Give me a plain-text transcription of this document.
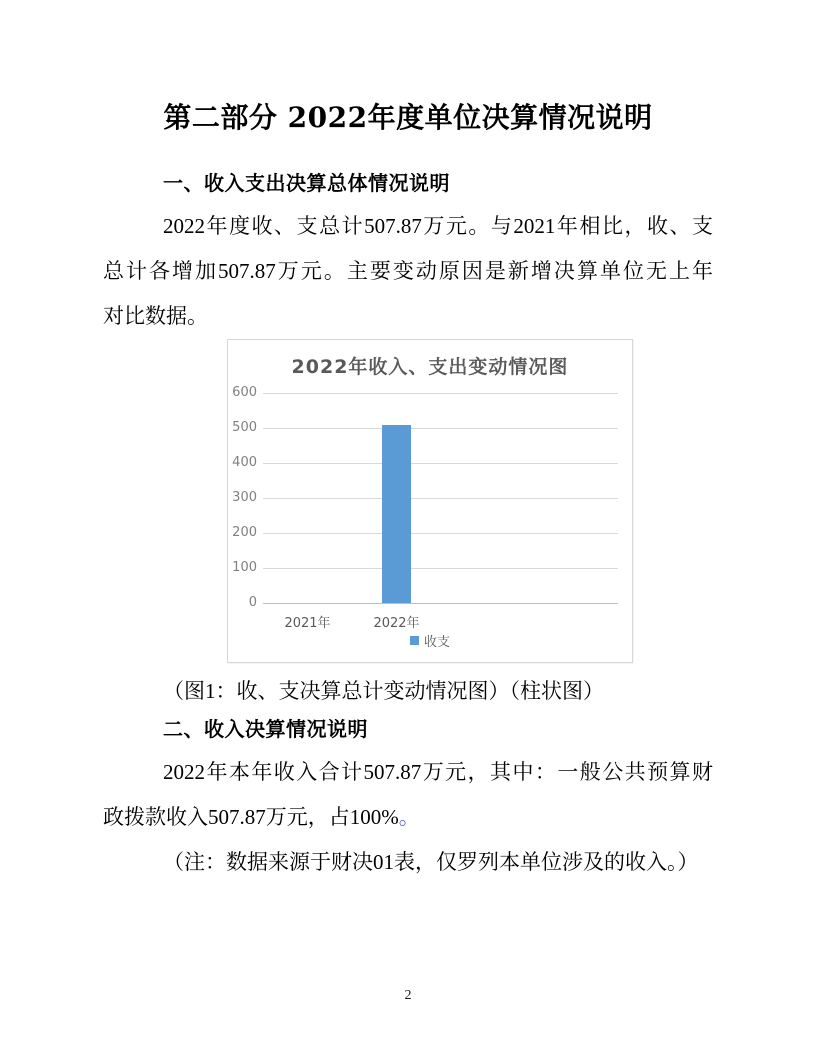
第二部分 2022年度单位决算情况说明
一、收入支出决算总体情况说明
2022年度收、支总计507.87万元。与2021年相比，收、支
总计各增加507.87万元。主要变动原因是新增决算单位无上年
对比数据。
2022年收入、支出变动情况图
0
100
200
300
400
500
600
2021年	2022年
收支
（图1：收、支决算总计变动情况图）（柱状图）
二、收入决算情况说明
2022年本年收入合计507.87万元，其中：一般公共预算财
政拨款收入507.87万元，占100%。
（注：数据来源于财决01表，仅罗列本单位涉及的收入。）
2
